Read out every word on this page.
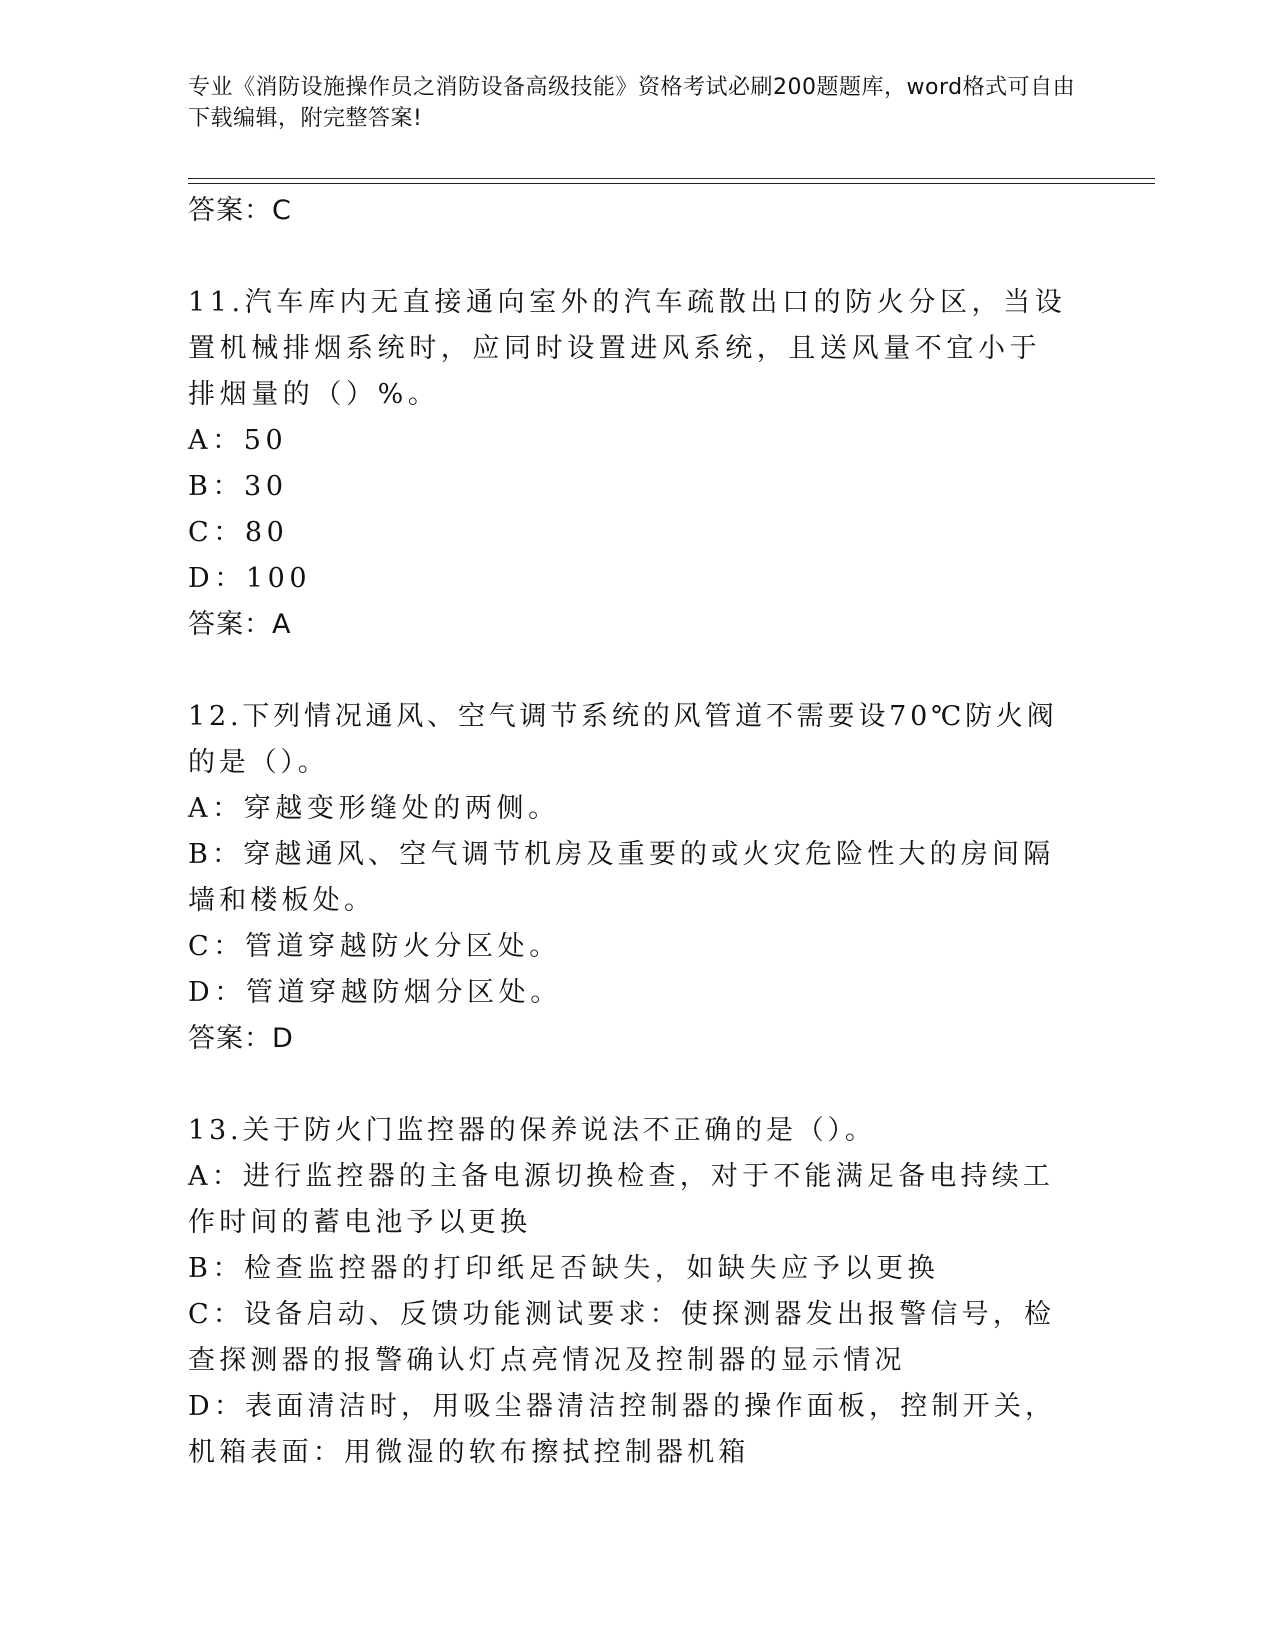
专业《消防设施操作员之消防设备高级技能》资格考试必刷200题题库，word格式可自由下载编辑，附完整答案!
答案：C
11.汽车库内无直接通向室外的汽车疏散出口的防火分区，当设置机械排烟系统时，应同时设置进风系统，且送风量不宜小于排烟量的（）%。
A：50
B：30
C：80
D：100
答案：A
12.下列情况通风、空气调节系统的风管道不需要设70℃防火阀的是（）。
A：穿越变形缝处的两侧。
B：穿越通风、空气调节机房及重要的或火灾危险性大的房间隔墙和楼板处。
C：管道穿越防火分区处。
D：管道穿越防烟分区处。
答案：D
13.关于防火门监控器的保养说法不正确的是（）。
A：进行监控器的主备电源切换检查，对于不能满足备电持续工作时间的蓄电池予以更换
B：检查监控器的打印纸足否缺失，如缺失应予以更换
C：设备启动、反馈功能测试要求：使探测器发出报警信号，检查探测器的报警确认灯点亮情况及控制器的显示情况
D：表面清洁时，用吸尘器清洁控制器的操作面板，控制开关，机箱表面：用微湿的软布擦拭控制器机箱
